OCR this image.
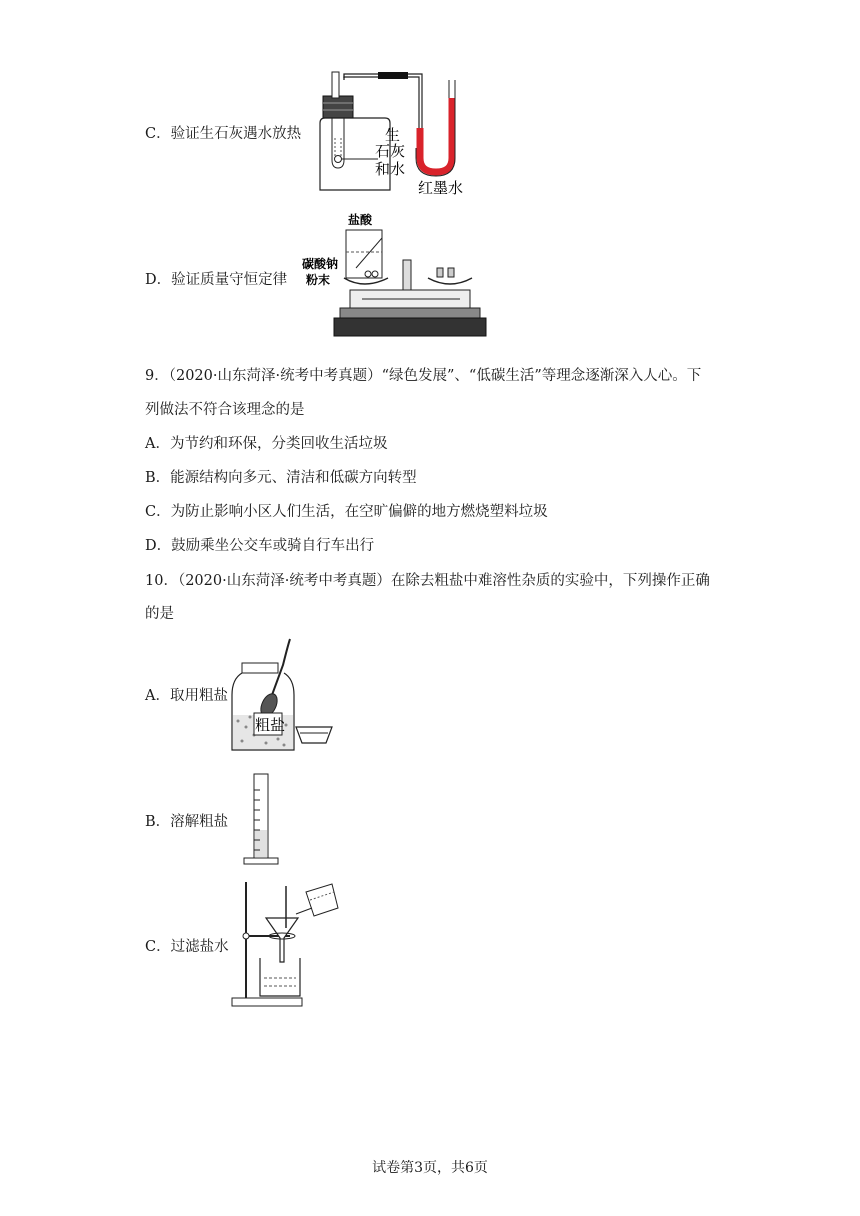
C．验证生石灰遇水放热	生
石灰
和水
红墨水
D．验证质量守恒定律
盐酸
碳酸钠
粉末
9．（2020·山东菏泽·统考中考真题）“绿色发展”、“低碳生活”等理念逐渐深入人心。下
列做法不符合该理念的是
A．为节约和环保，分类回收生活垃圾
B．能源结构向多元、清洁和低碳方向转型
C．为防止影响小区人们生活，在空旷偏僻的地方燃烧塑料垃圾
D．鼓励乘坐公交车或骑自行车出行
10．（2020·山东菏泽·统考中考真题）在除去粗盐中难溶性杂质的实验中，下列操作正确
的是
A．取用粗盐
粗盐
B．溶解粗盐
C．过滤盐水
试卷第3页，共6页
